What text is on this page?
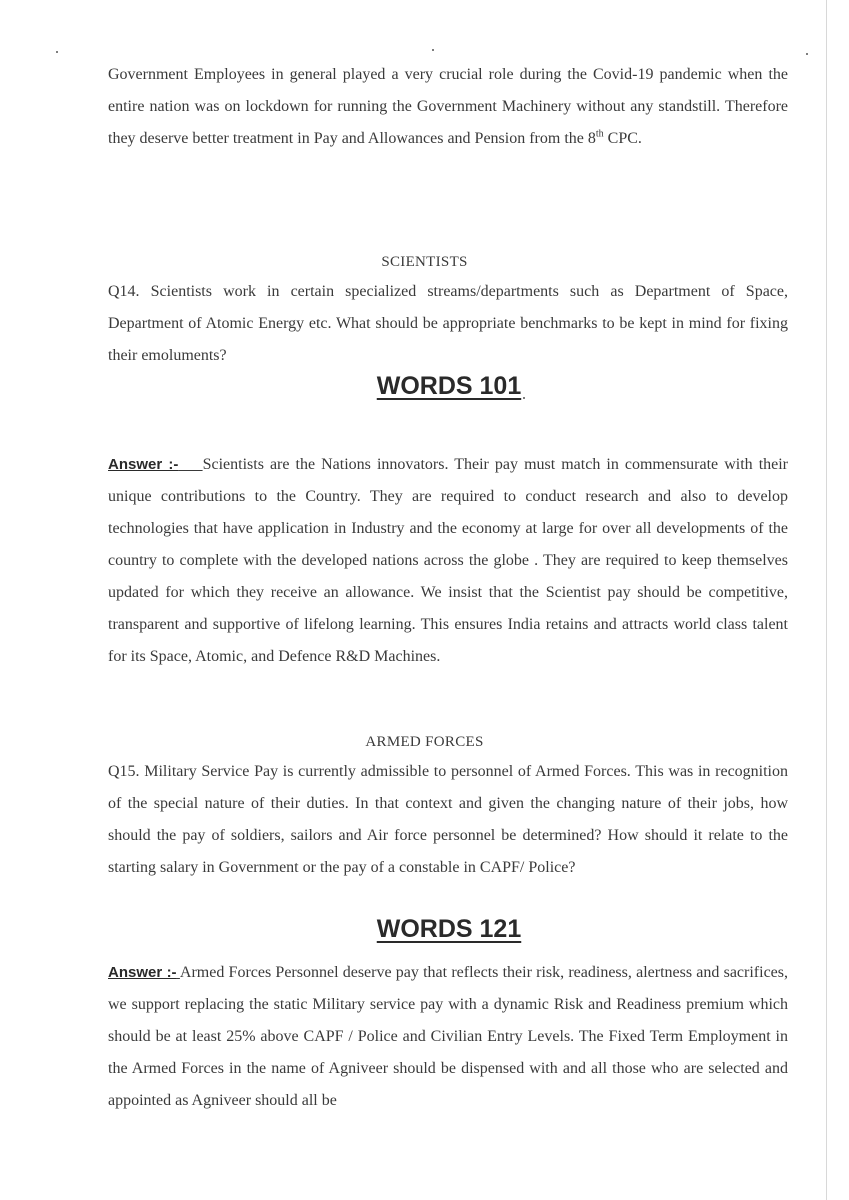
Government Employees in general played a very crucial role during the Covid-19 pandemic when the entire nation was on lockdown for running the Government Machinery without any standstill. Therefore they deserve better treatment in Pay and Allowances and Pension from the 8th CPC.

SCIENTISTS

Q14. Scientists work in certain specialized streams/departments such as Department of Space, Department of Atomic Energy etc. What should be appropriate benchmarks to be kept in mind for fixing their emoluments?

WORDS 101

Answer :- Scientists are the Nations innovators. Their pay must match in commensurate with their unique contributions to the Country. They are required to conduct research and also to develop technologies that have application in Industry and the economy at large for over all developments of the country to complete with the developed nations across the globe . They are required to keep themselves updated for which they receive an allowance. We insist that the Scientist pay should be competitive, transparent and supportive of lifelong learning. This ensures India retains and attracts world class talent for its Space, Atomic, and Defence R&D Machines.

ARMED FORCES

Q15. Military Service Pay is currently admissible to personnel of Armed Forces. This was in recognition of the special nature of their duties. In that context and given the changing nature of their jobs, how should the pay of soldiers, sailors and Air force personnel be determined? How should it relate to the starting salary in Government or the pay of a constable in CAPF/ Police?

WORDS 121

Answer :- Armed Forces Personnel deserve pay that reflects their risk, readiness, alertness and sacrifices, we support replacing the static Military service pay with a dynamic Risk and Readiness premium which should be at least 25% above CAPF / Police and Civilian Entry Levels. The Fixed Term Employment in the Armed Forces in the name of Agniveer should be dispensed with and all those who are selected and appointed as Agniveer should all be
